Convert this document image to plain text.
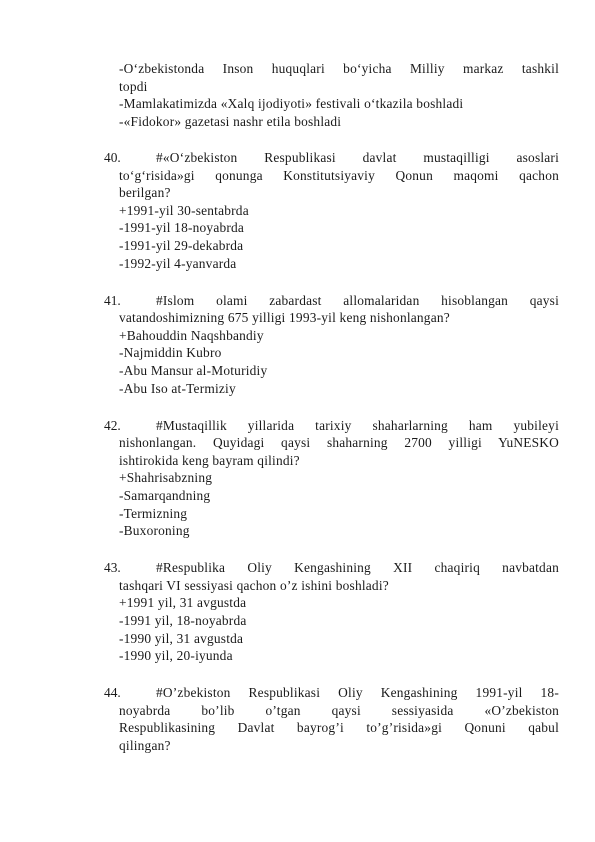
-O‘zbekistonda Inson huquqlari bo‘yicha Milliy markaz tashkil
topdi
-Mamlakatimizda «Xalq ijodiyoti» festivali o‘tkazila boshladi
-«Fidokor» gazetasi nashr etila boshladi
40.	#«O‘zbekiston Respublikasi davlat mustaqilligi asoslari
to‘g‘risida»gi qonunga Konstitutsiyaviy Qonun maqomi qachon
berilgan?
+1991-yil 30-sentabrda
-1991-yil 18-noyabrda
-1991-yil 29-dekabrda
-1992-yil 4-yanvarda
41.	#Islom olami zabardast allomalaridan hisoblangan qaysi
vatandoshimizning 675 yilligi 1993-yil keng nishonlangan?
+Bahouddin Naqshbandiy
-Najmiddin Kubro
-Abu Mansur al-Moturidiy
-Abu Iso at-Termiziy
42.	#Mustaqillik yillarida tarixiy shaharlarning ham yubileyi
nishonlangan. Quyidagi qaysi shaharning 2700 yilligi YuNESKO
ishtirokida keng bayram qilindi?
+Shahrisabzning
-Samarqandning
-Termizning
-Buxoroning
43.	#Respublika Oliy Kengashining XII chaqiriq navbatdan
tashqari VI sessiyasi qachon o’z ishini boshladi?
+1991 yil, 31 avgustda
-1991 yil, 18-noyabrda
-1990 yil, 31 avgustda
-1990 yil, 20-iyunda
44.	#O’zbekiston Respublikasi Oliy Kengashining 1991-yil 18-
noyabrda bo’lib o’tgan qaysi sessiyasida «O’zbekiston
Respublikasining Davlat bayrog’i to’g’risida»gi Qonuni qabul
qilingan?
